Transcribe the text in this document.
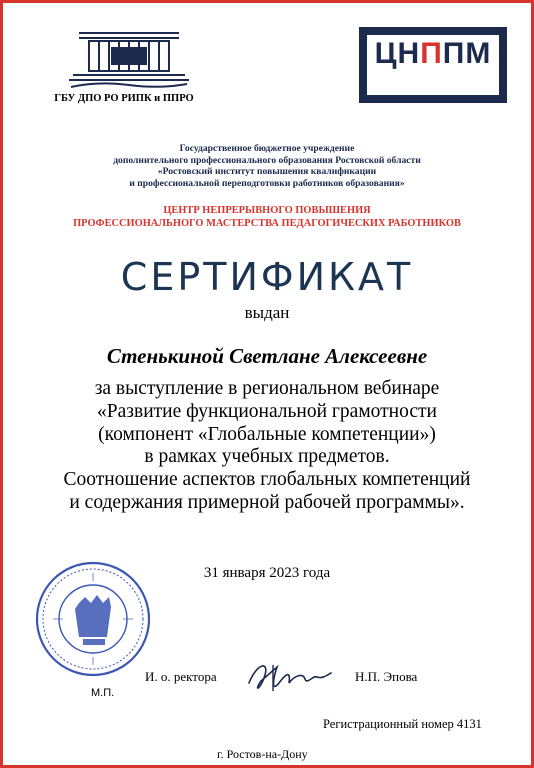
ГБУ ДПО РО РИПК и ППРО
ЦНППМ
Государственное бюджетное учреждение
дополнительного профессионального образования Ростовской области
«Ростовский институт повышения квалификации
и профессиональной переподготовки работников образования»
ЦЕНТР НЕПРЕРЫВНОГО ПОВЫШЕНИЯ
ПРОФЕССИОНАЛЬНОГО МАСТЕРСТВА ПЕДАГОГИЧЕСКИХ РАБОТНИКОВ
СЕРТИФИКАТ
выдан
Стенькиной Светлане Алексеевне
за выступление в региональном вебинаре
«Развитие функциональной грамотности
(компонент «Глобальные компетенции»)
в рамках учебных предметов.
Соотношение аспектов глобальных компетенций
и содержания примерной рабочей программы».
31 января 2023 года
М.П.
И. о. ректора	Н.П. Эпова
Регистрационный номер 4131
г. Ростов-на-Дону
